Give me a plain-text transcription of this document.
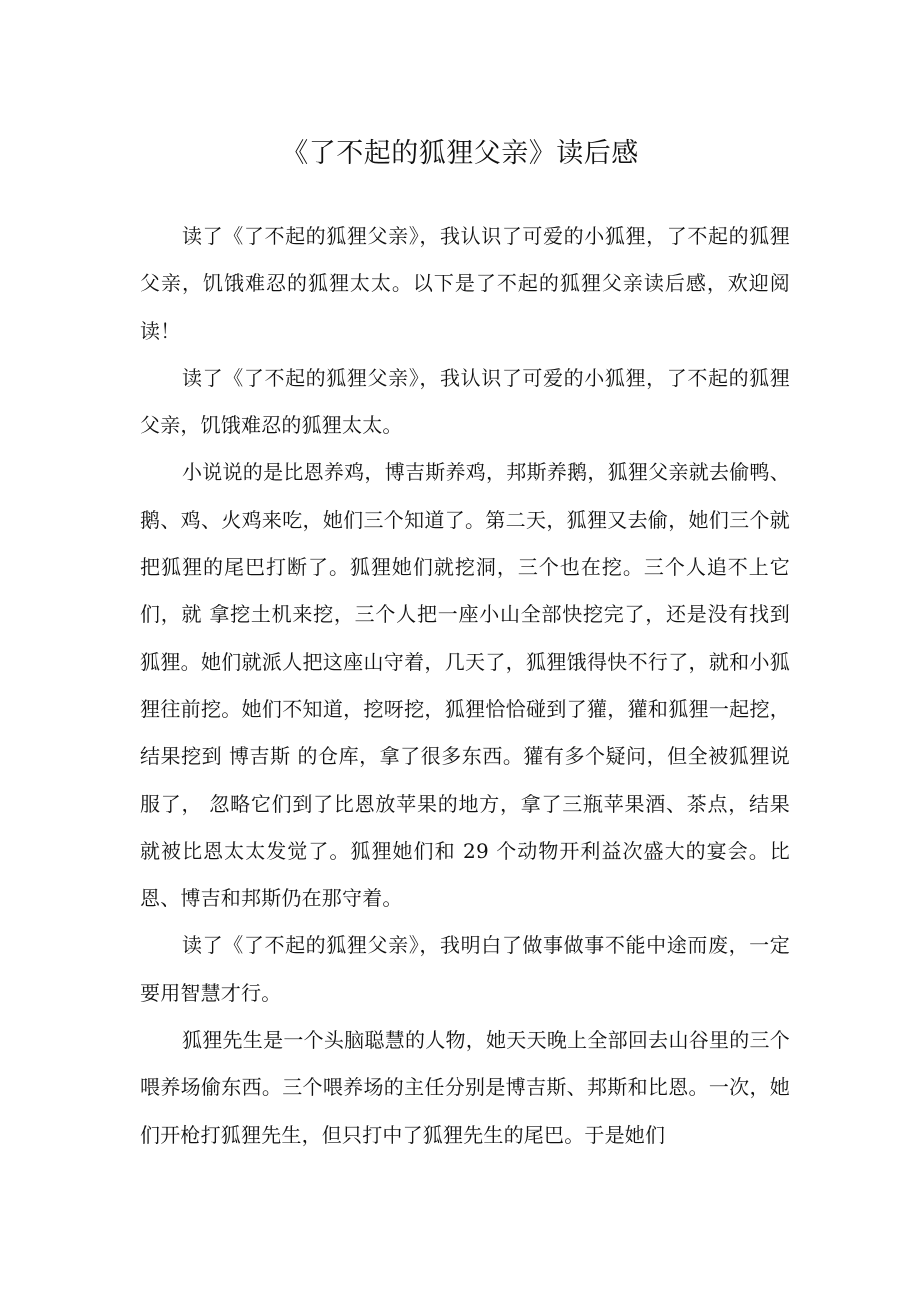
《了不起的狐狸父亲》读后感

读了《了不起的狐狸父亲》，我认识了可爱的小狐狸，了不起的狐狸父亲，饥饿难忍的狐狸太太。以下是了不起的狐狸父亲读后感，欢迎阅读！

读了《了不起的狐狸父亲》，我认识了可爱的小狐狸，了不起的狐狸父亲，饥饿难忍的狐狸太太。

小说说的是比恩养鸡，博吉斯养鸡，邦斯养鹅，狐狸父亲就去偷鸭、鹅、鸡、火鸡来吃，她们三个知道了。第二天，狐狸又去偷，她们三个就把狐狸的尾巴打断了。狐狸她们就挖洞，三个也在挖。三个人追不上它们，就 拿挖土机来挖，三个人把一座小山全部快挖完了，还是没有找到狐狸。她们就派人把这座山守着，几天了，狐狸饿得快不行了，就和小狐狸往前挖。她们不知道，挖呀挖，狐狸恰恰碰到了獾，獾和狐狸一起挖，结果挖到 博吉斯 的仓库，拿了很多东西。獾有多个疑问，但全被狐狸说服了， 忽略它们到了比恩放苹果的地方，拿了三瓶苹果酒、茶点，结果就被比恩太太发觉了。狐狸她们和 29 个动物开利益次盛大的宴会。比恩、博吉和邦斯仍在那守着。

读了《了不起的狐狸父亲》，我明白了做事做事不能中途而废，一定要用智慧才行。

狐狸先生是一个头脑聪慧的人物，她天天晚上全部回去山谷里的三个喂养场偷东西。三个喂养场的主任分别是博吉斯、邦斯和比恩。一次，她们开枪打狐狸先生，但只打中了狐狸先生的尾巴。于是她们
